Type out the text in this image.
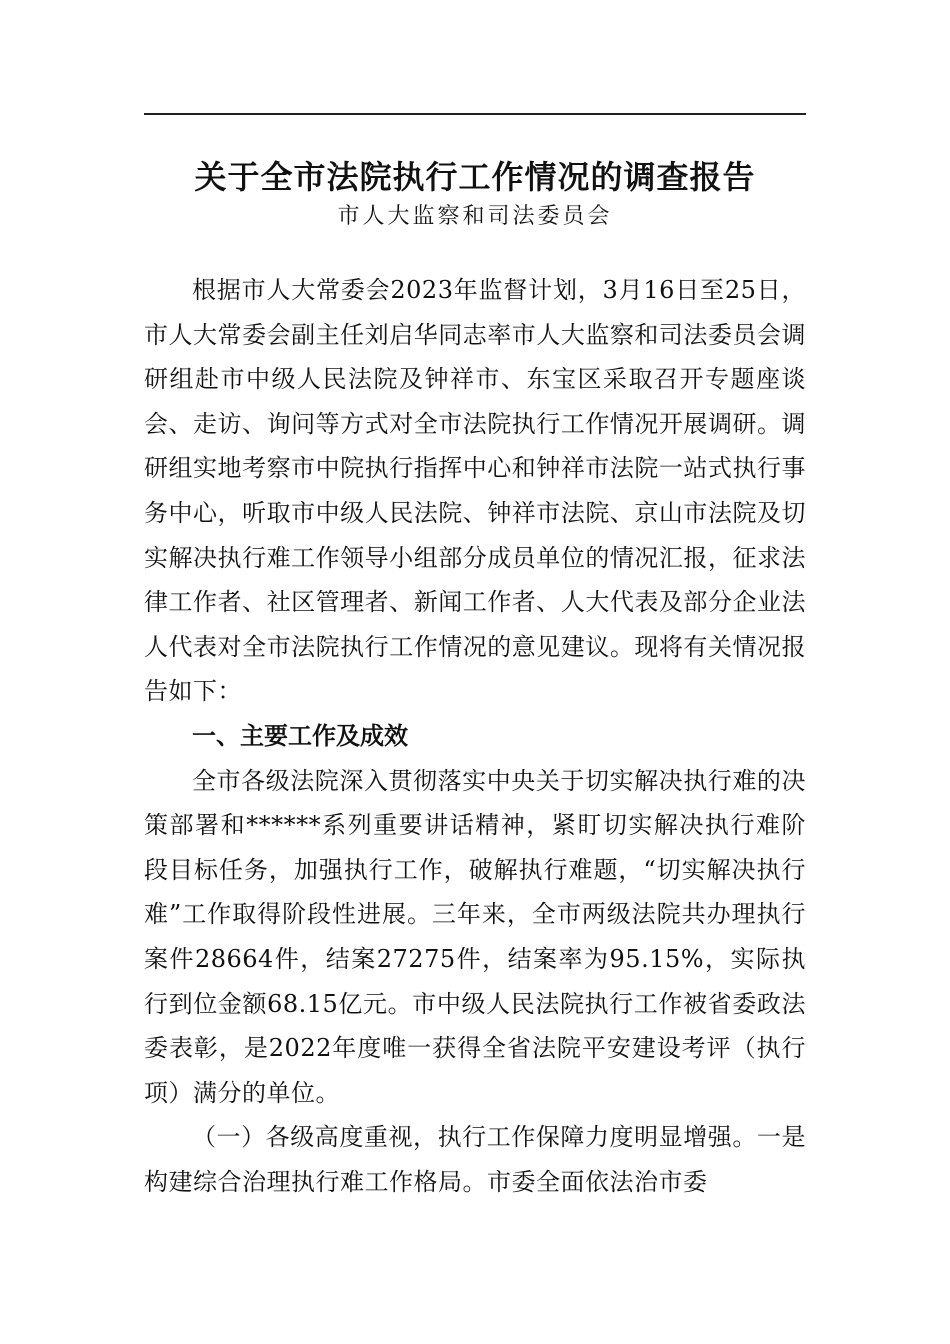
关于全市法院执行工作情况的调查报告

市人大监察和司法委员会

根据市人大常委会2023年监督计划，3月16日至25日，市人大常委会副主任刘启华同志率市人大监察和司法委员会调研组赴市中级人民法院及钟祥市、东宝区采取召开专题座谈会、走访、询问等方式对全市法院执行工作情况开展调研。调研组实地考察市中院执行指挥中心和钟祥市法院一站式执行事务中心，听取市中级人民法院、钟祥市法院、京山市法院及切实解决执行难工作领导小组部分成员单位的情况汇报，征求法律工作者、社区管理者、新闻工作者、人大代表及部分企业法人代表对全市法院执行工作情况的意见建议。现将有关情况报告如下：

一、主要工作及成效

全市各级法院深入贯彻落实中央关于切实解决执行难的决策部署和******系列重要讲话精神，紧盯切实解决执行难阶段目标任务，加强执行工作，破解执行难题，“切实解决执行难”工作取得阶段性进展。三年来，全市两级法院共办理执行案件28664件，结案27275件，结案率为95.15%，实际执行到位金额68.15亿元。市中级人民法院执行工作被省委政法委表彰，是2022年度唯一获得全省法院平安建设考评（执行项）满分的单位。

（一）各级高度重视，执行工作保障力度明显增强。一是构建综合治理执行难工作格局。市委全面依法治市委
